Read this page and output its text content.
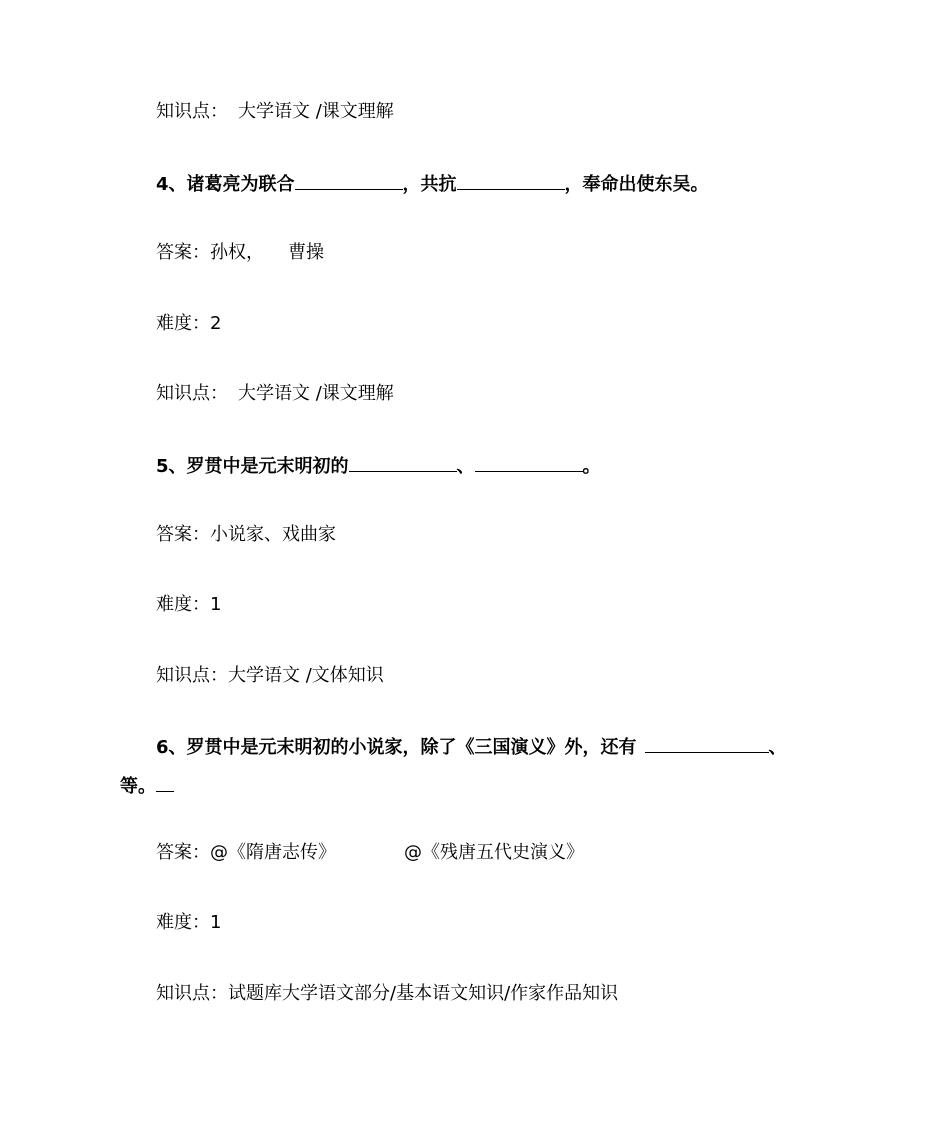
知识点： 大学语文 /课文理解
4、诸葛亮为联合	，共抗	，奉命出使东吴。
答案：孙权， 曹操
难度：2
知识点： 大学语文 /课文理解
5、罗贯中是元末明初的	、	。
答案：小说家、戏曲家
难度：1
知识点：大学语文 /文体知识
6、罗贯中是元末明初的小说家，除了《三国演义》外，还有	、
等。
答案：@《隋唐志传》	@《残唐五代史演义》
难度：1
知识点：试题库大学语文部分/基本语文知识/作家作品知识
